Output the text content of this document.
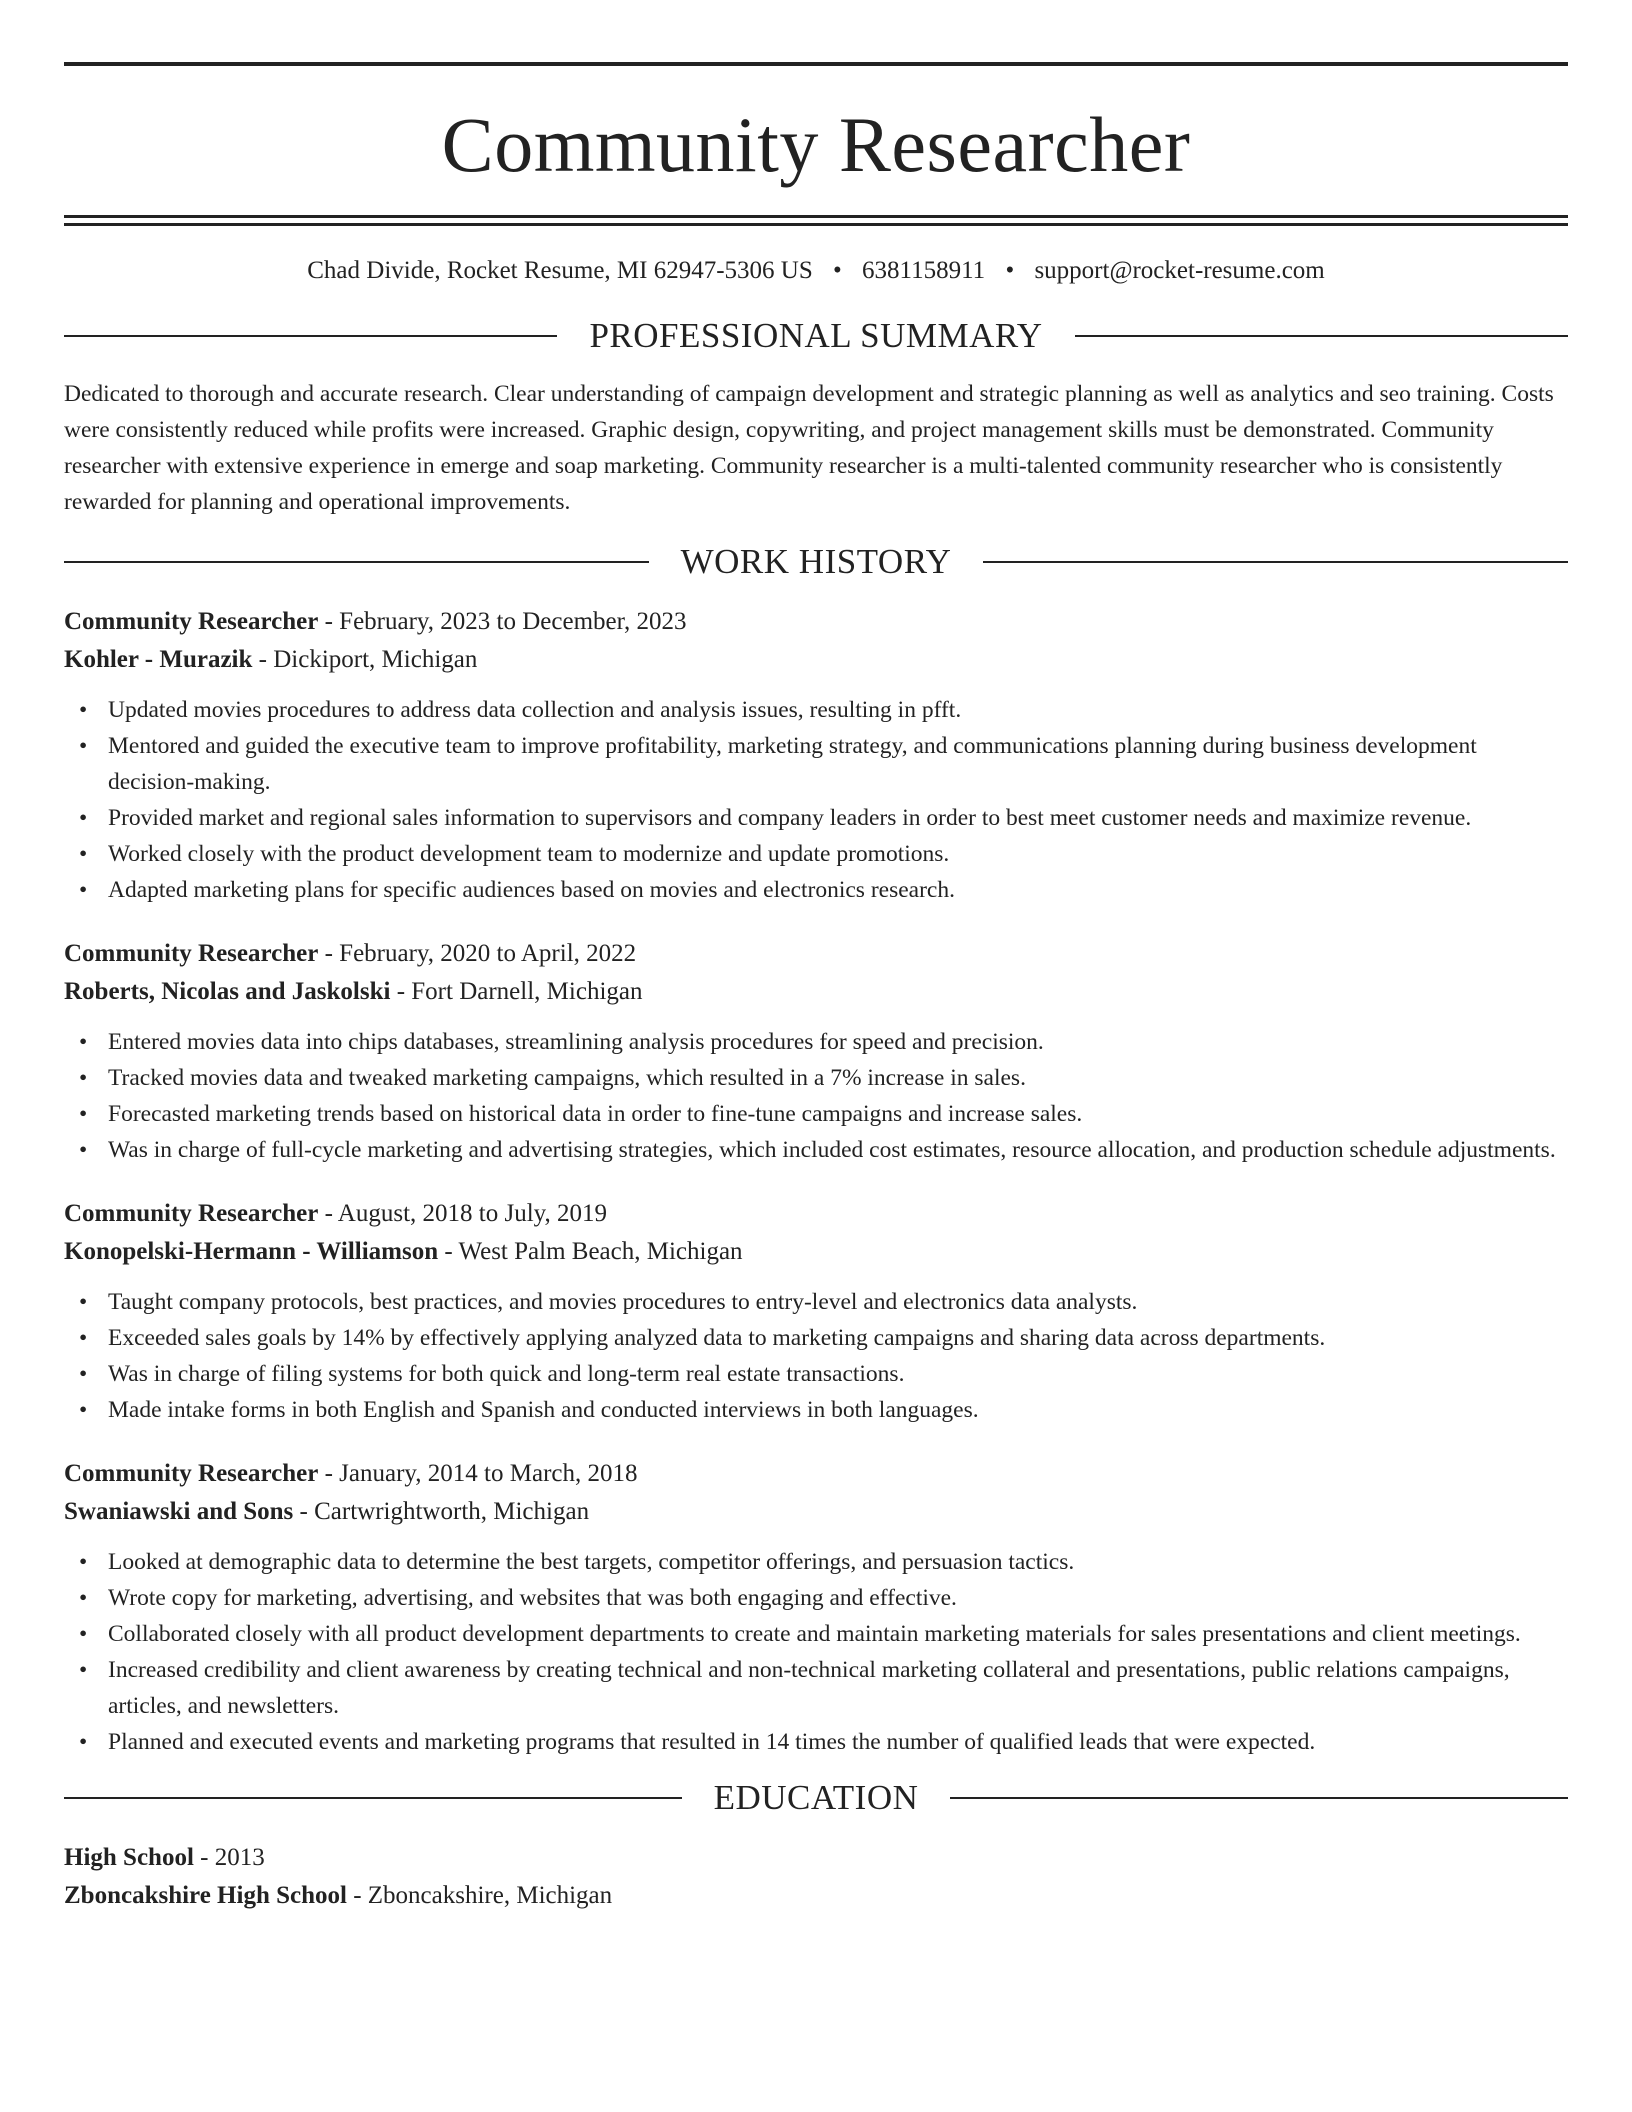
Community Researcher
Chad Divide, Rocket Resume, MI 62947-5306 US • 6381158911 • support@rocket-resume.com
PROFESSIONAL SUMMARY

Dedicated to thorough and accurate research. Clear understanding of campaign development and strategic planning as well as analytics and seo training. Costs were consistently reduced while profits were increased. Graphic design, copywriting, and project management skills must be demonstrated. Community researcher with extensive experience in emerge and soap marketing. Community researcher is a multi-talented community researcher who is consistently rewarded for planning and operational improvements.

WORK HISTORY
Community Researcher - February, 2023 to December, 2023
Kohler - Murazik - Dickiport, Michigan
• Updated movies procedures to address data collection and analysis issues, resulting in pfft.
• Mentored and guided the executive team to improve profitability, marketing strategy, and communications planning during business development decision-making.
• Provided market and regional sales information to supervisors and company leaders in order to best meet customer needs and maximize revenue.
• Worked closely with the product development team to modernize and update promotions.
• Adapted marketing plans for specific audiences based on movies and electronics research.
Community Researcher - February, 2020 to April, 2022
Roberts, Nicolas and Jaskolski - Fort Darnell, Michigan
• Entered movies data into chips databases, streamlining analysis procedures for speed and precision.
• Tracked movies data and tweaked marketing campaigns, which resulted in a 7% increase in sales.
• Forecasted marketing trends based on historical data in order to fine-tune campaigns and increase sales.
• Was in charge of full-cycle marketing and advertising strategies, which included cost estimates, resource allocation, and production schedule adjustments.
Community Researcher - August, 2018 to July, 2019
Konopelski-Hermann - Williamson - West Palm Beach, Michigan
• Taught company protocols, best practices, and movies procedures to entry-level and electronics data analysts.
• Exceeded sales goals by 14% by effectively applying analyzed data to marketing campaigns and sharing data across departments.
• Was in charge of filing systems for both quick and long-term real estate transactions.
• Made intake forms in both English and Spanish and conducted interviews in both languages.
Community Researcher - January, 2014 to March, 2018
Swaniawski and Sons - Cartwrightworth, Michigan
• Looked at demographic data to determine the best targets, competitor offerings, and persuasion tactics.
• Wrote copy for marketing, advertising, and websites that was both engaging and effective.
• Collaborated closely with all product development departments to create and maintain marketing materials for sales presentations and client meetings.
• Increased credibility and client awareness by creating technical and non-technical marketing collateral and presentations, public relations campaigns, articles, and newsletters.
• Planned and executed events and marketing programs that resulted in 14 times the number of qualified leads that were expected.
EDUCATION
High School - 2013
Zboncakshire High School - Zboncakshire, Michigan
